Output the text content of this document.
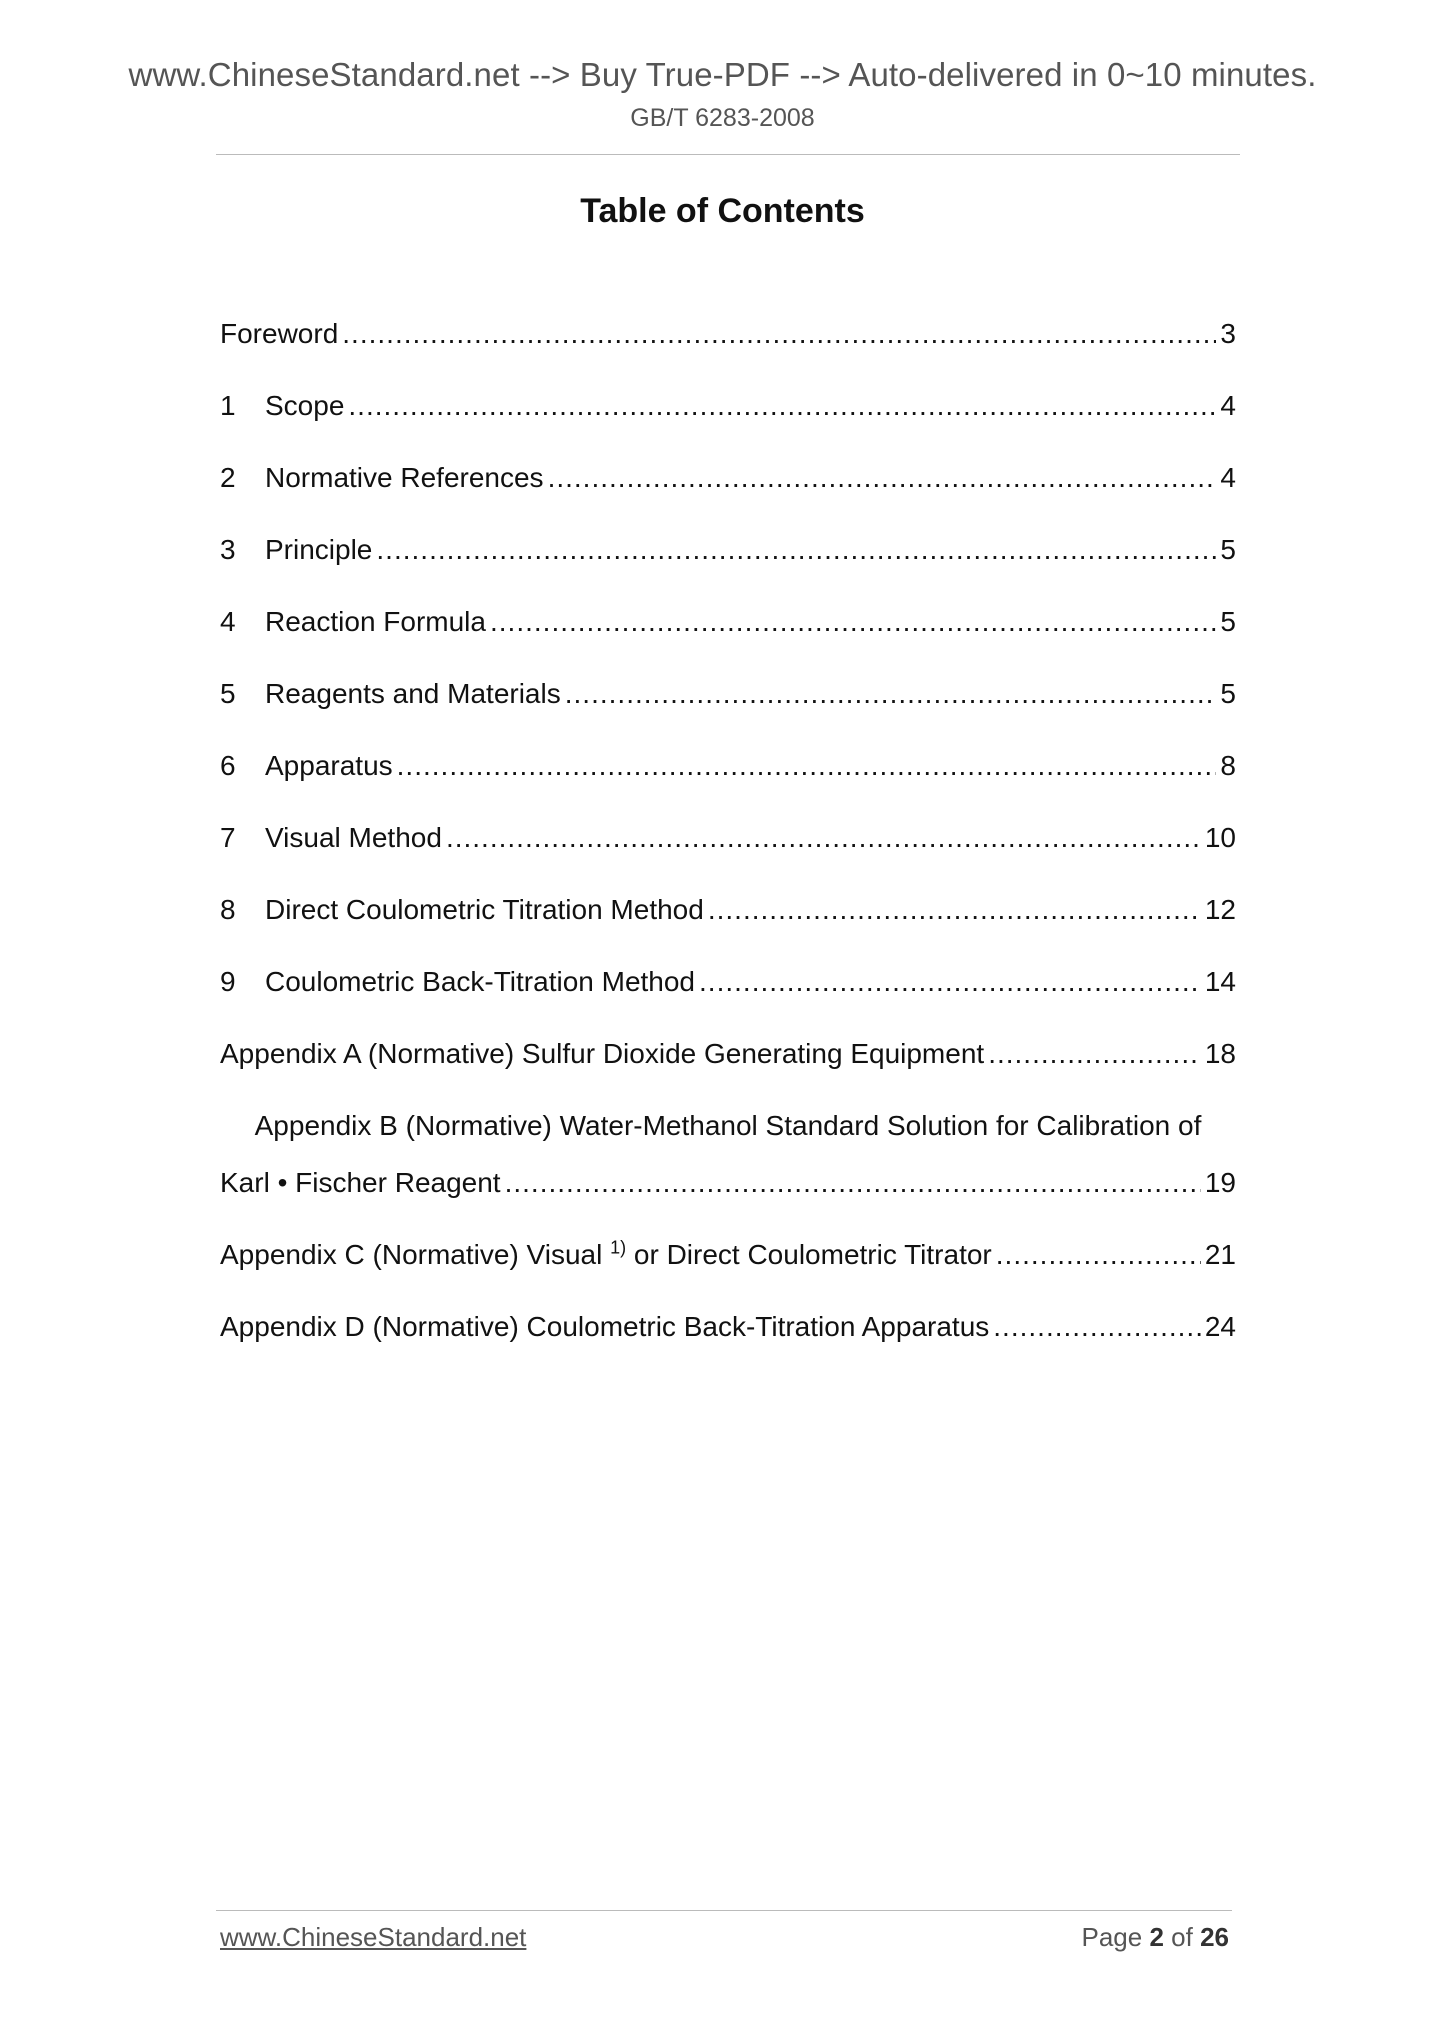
www.ChineseStandard.net --> Buy True-PDF --> Auto-delivered in 0~10 minutes.
GB/T 6283-2008
Table of Contents
Foreword .....	3
1	Scope .....	4
2	Normative References .....	4
3	Principle .....	5
4	Reaction Formula .....	5
5	Reagents and Materials .....	5
6	Apparatus .....	8
7	Visual Method .....	10
8	Direct Coulometric Titration Method .....	12
9	Coulometric Back-Titration Method .....	14
Appendix A (Normative) Sulfur Dioxide Generating Equipment .....	18
Appendix B (Normative) Water-Methanol Standard Solution for Calibration of
Karl • Fischer Reagent .....	19
Appendix C (Normative) Visual $^{1)}$ or Direct Coulometric Titrator .....	21
Appendix D (Normative) Coulometric Back-Titration Apparatus .....	24
www.ChineseStandard.net	Page 2 of 26
